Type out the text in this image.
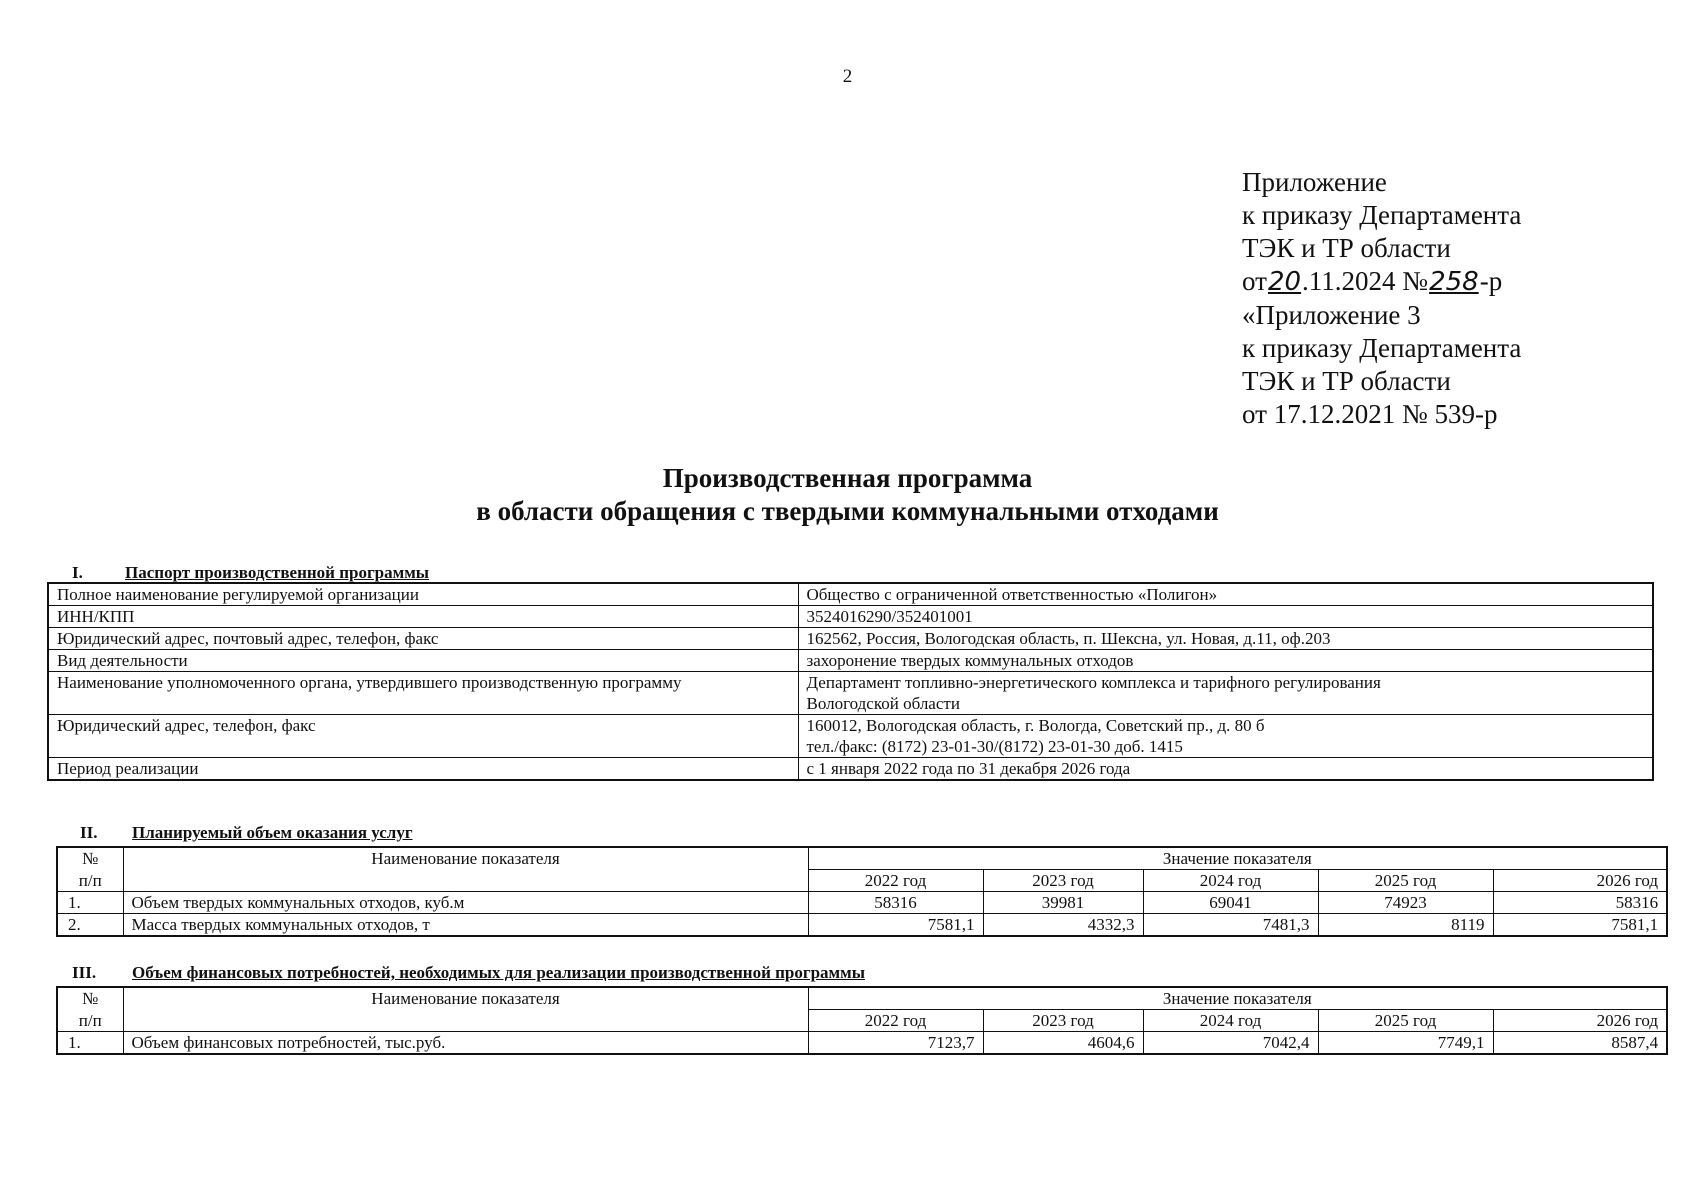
2
Приложение
к приказу Департамента
ТЭК и ТР области
от20.11.2024 №258-р
«Приложение 3
к приказу Департамента
ТЭК и ТР области
от 17.12.2021 № 539-р
Производственная программа
в области обращения с твердыми коммунальными отходами
I. Паспорт производственной программы
Полное наименование регулируемой организации	Общество с ограниченной ответственностью «Полигон»
ИНН/КПП	3524016290/352401001
Юридический адрес, почтовый адрес, телефон, факс	162562, Россия, Вологодская область, п. Шексна, ул. Новая, д.11, оф.203
Вид деятельности	захоронение твердых коммунальных отходов
Наименование уполномоченного органа, утвердившего производственную программу	Департамент топливно-энергетического комплекса и тарифного регулирования
Вологодской области

Юридический адрес, телефон, факс	160012, Вологодская область, г. Вологда, Советский пр., д. 80 б
тел./факс: (8172) 23-01-30/(8172) 23-01-30 доб. 1415

Период реализации	с 1 января 2022 года по 31 декабря 2026 года
II. Планируемый объем оказания услуг
№	Наименование показателя	Значение показателя				
п/п		2022 год	2023 год	2024 год	2025 год	2026 год
1.	Объем твердых коммунальных отходов, куб.м	58316	39981	69041	74923	58316
2.	Масса твердых коммунальных отходов, т	7581,1	4332,3	7481,3	8119	7581,1
III. Объем финансовых потребностей, необходимых для реализации производственной программы
№	Наименование показателя	Значение показателя				
п/п		2022 год	2023 год	2024 год	2025 год	2026 год
1.	Объем финансовых потребностей, тыс.руб.	7123,7	4604,6	7042,4	7749,1	8587,4
